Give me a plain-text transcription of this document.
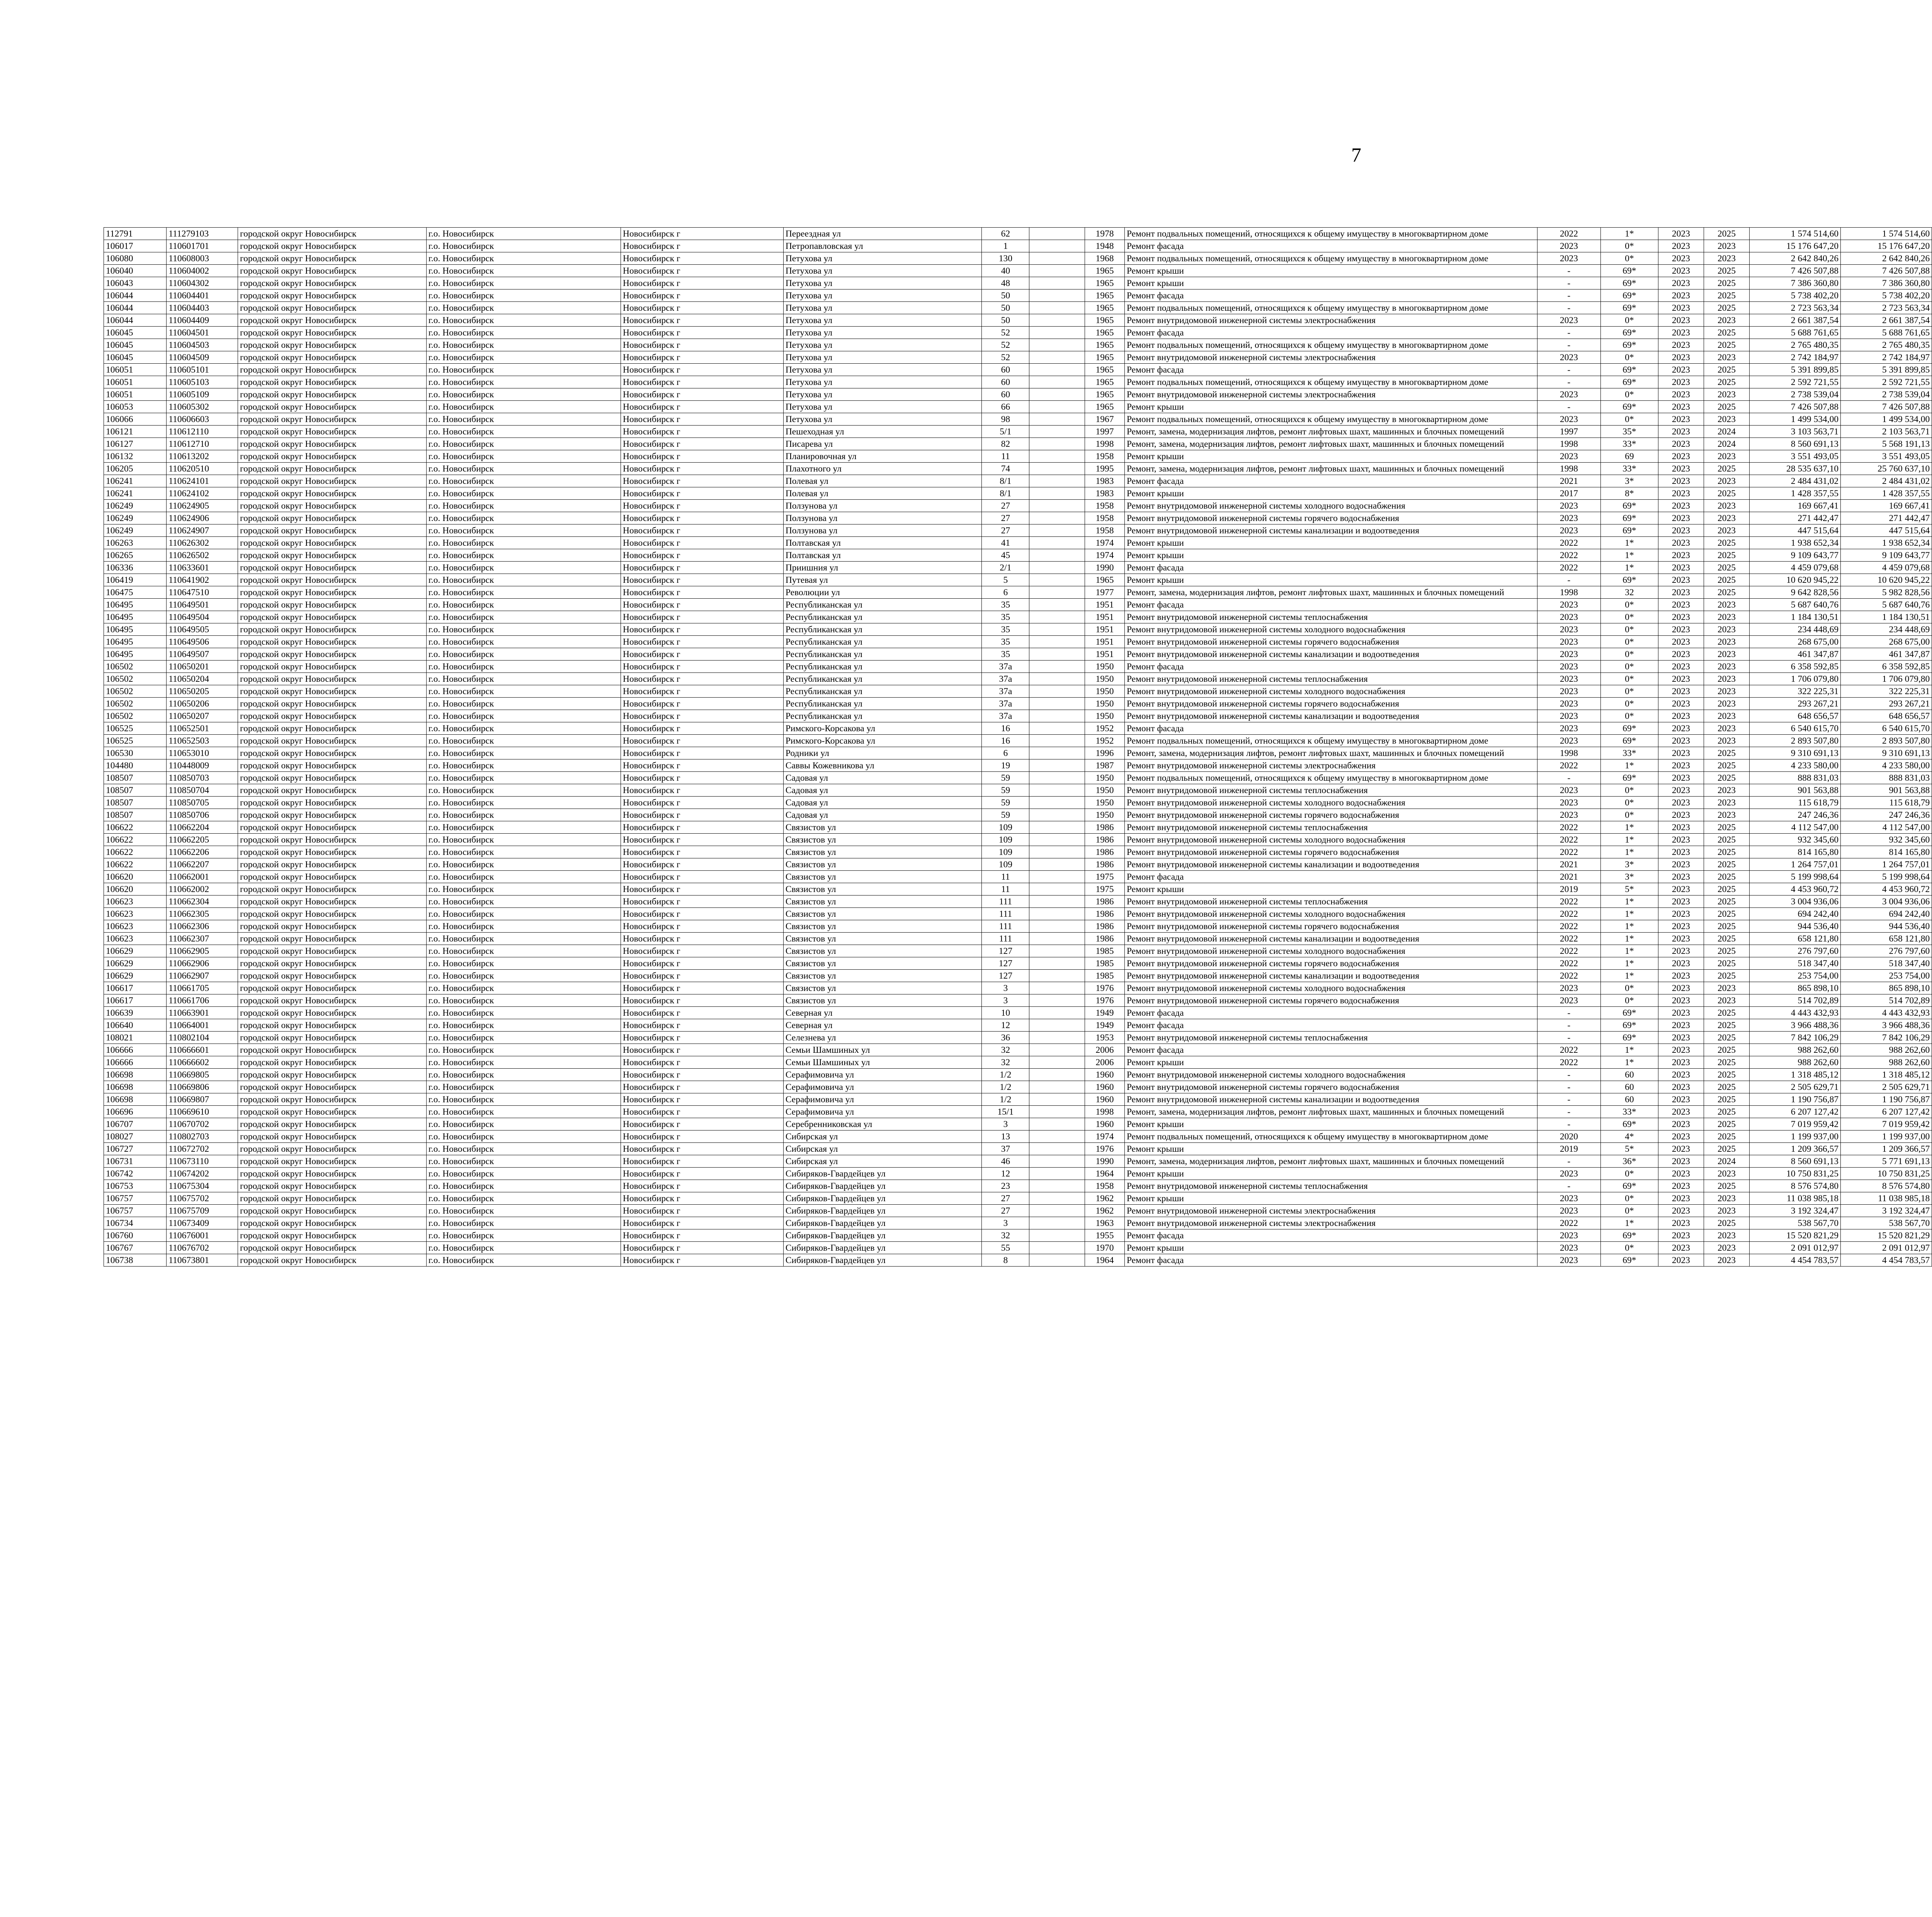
7
112791	111279103	городской округ Новосибирск	г.о. Новосибирск	Новосибирск г	Переездная ул	62		1978	Ремонт подвальных помещений, относящихся к общему имуществу в многоквартирном доме	2022	1*	2023	2025	1 574 514,60	1 574 514,60							
106017	110601701	городской округ Новосибирск	г.о. Новосибирск	Новосибирск г	Петропавловская ул	1		1948	Ремонт фасада	2023	0*	2023	2023	15 176 647,20	15 176 647,20							
106080	110608003	городской округ Новосибирск	г.о. Новосибирск	Новосибирск г	Петухова ул	130		1968	Ремонт подвальных помещений, относящихся к общему имуществу в многоквартирном доме	2023	0*	2023	2023	2 642 840,26	2 642 840,26							
106040	110604002	городской округ Новосибирск	г.о. Новосибирск	Новосибирск г	Петухова ул	40		1965	Ремонт крыши	-	69*	2023	2025	7 426 507,88	7 426 507,88							
106043	110604302	городской округ Новосибирск	г.о. Новосибирск	Новосибирск г	Петухова ул	48		1965	Ремонт крыши	-	69*	2023	2025	7 386 360,80	7 386 360,80							
106044	110604401	городской округ Новосибирск	г.о. Новосибирск	Новосибирск г	Петухова ул	50		1965	Ремонт фасада	-	69*	2023	2025	5 738 402,20	5 738 402,20							
106044	110604403	городской округ Новосибирск	г.о. Новосибирск	Новосибирск г	Петухова ул	50		1965	Ремонт подвальных помещений, относящихся к общему имуществу в многоквартирном доме	-	69*	2023	2025	2 723 563,34	2 723 563,34							
106044	110604409	городской округ Новосибирск	г.о. Новосибирск	Новосибирск г	Петухова ул	50		1965	Ремонт внутридомовой инженерной системы электроснабжения	2023	0*	2023	2023	2 661 387,54	2 661 387,54							
106045	110604501	городской округ Новосибирск	г.о. Новосибирск	Новосибирск г	Петухова ул	52		1965	Ремонт фасада	-	69*	2023	2025	5 688 761,65	5 688 761,65							
106045	110604503	городской округ Новосибирск	г.о. Новосибирск	Новосибирск г	Петухова ул	52		1965	Ремонт подвальных помещений, относящихся к общему имуществу в многоквартирном доме	-	69*	2023	2025	2 765 480,35	2 765 480,35							
106045	110604509	городской округ Новосибирск	г.о. Новосибирск	Новосибирск г	Петухова ул	52		1965	Ремонт внутридомовой инженерной системы электроснабжения	2023	0*	2023	2023	2 742 184,97	2 742 184,97							
106051	110605101	городской округ Новосибирск	г.о. Новосибирск	Новосибирск г	Петухова ул	60		1965	Ремонт фасада	-	69*	2023	2025	5 391 899,85	5 391 899,85							
106051	110605103	городской округ Новосибирск	г.о. Новосибирск	Новосибирск г	Петухова ул	60		1965	Ремонт подвальных помещений, относящихся к общему имуществу в многоквартирном доме	-	69*	2023	2025	2 592 721,55	2 592 721,55							
106051	110605109	городской округ Новосибирск	г.о. Новосибирск	Новосибирск г	Петухова ул	60		1965	Ремонт внутридомовой инженерной системы электроснабжения	2023	0*	2023	2023	2 738 539,04	2 738 539,04							
106053	110605302	городской округ Новосибирск	г.о. Новосибирск	Новосибирск г	Петухова ул	66		1965	Ремонт крыши	-	69*	2023	2025	7 426 507,88	7 426 507,88							
106066	110606603	городской округ Новосибирск	г.о. Новосибирск	Новосибирск г	Петухова ул	98		1967	Ремонт подвальных помещений, относящихся к общему имуществу в многоквартирном доме	2023	0*	2023	2023	1 499 534,00	1 499 534,00							
106121	110612110	городской округ Новосибирск	г.о. Новосибирск	Новосибирск г	Пешеходная ул	5/1		1997	Ремонт, замена, модернизация лифтов, ремонт лифтовых шахт, машинных и блочных помещений	1997	35*	2023	2024	3 103 563,71	2 103 563,71							
106127	110612710	городской округ Новосибирск	г.о. Новосибирск	Новосибирск г	Писарева ул	82		1998	Ремонт, замена, модернизация лифтов, ремонт лифтовых шахт, машинных и блочных помещений	1998	33*	2023	2024	8 560 691,13	5 568 191,13							
106132	110613202	городской округ Новосибирск	г.о. Новосибирск	Новосибирск г	Планировочная ул	11		1958	Ремонт крыши	2023	69	2023	2023	3 551 493,05	3 551 493,05							
106205	110620510	городской округ Новосибирск	г.о. Новосибирск	Новосибирск г	Плахотного ул	74		1995	Ремонт, замена, модернизация лифтов, ремонт лифтовых шахт, машинных и блочных помещений	1998	33*	2023	2025	28 535 637,10	25 760 637,10							
106241	110624101	городской округ Новосибирск	г.о. Новосибирск	Новосибирск г	Полевая ул	8/1		1983	Ремонт фасада	2021	3*	2023	2023	2 484 431,02	2 484 431,02							
106241	110624102	городской округ Новосибирск	г.о. Новосибирск	Новосибирск г	Полевая ул	8/1		1983	Ремонт крыши	2017	8*	2023	2025	1 428 357,55	1 428 357,55							
106249	110624905	городской округ Новосибирск	г.о. Новосибирск	Новосибирск г	Ползунова ул	27		1958	Ремонт внутридомовой инженерной системы холодного водоснабжения	2023	69*	2023	2023	169 667,41	169 667,41							
106249	110624906	городской округ Новосибирск	г.о. Новосибирск	Новосибирск г	Ползунова ул	27		1958	Ремонт внутридомовой инженерной системы горячего водоснабжения	2023	69*	2023	2023	271 442,47	271 442,47							
106249	110624907	городской округ Новосибирск	г.о. Новосибирск	Новосибирск г	Ползунова ул	27		1958	Ремонт внутридомовой инженерной системы канализации и водоотведения	2023	69*	2023	2023	447 515,64	447 515,64							
106263	110626302	городской округ Новосибирск	г.о. Новосибирск	Новосибирск г	Полтавская ул	41		1974	Ремонт крыши	2022	1*	2023	2025	1 938 652,34	1 938 652,34							
106265	110626502	городской округ Новосибирск	г.о. Новосибирск	Новосибирск г	Полтавская ул	45		1974	Ремонт крыши	2022	1*	2023	2025	9 109 643,77	9 109 643,77							
106336	110633601	городской округ Новосибирск	г.о. Новосибирск	Новосибирск г	Приишния ул	2/1		1990	Ремонт фасада	2022	1*	2023	2025	4 459 079,68	4 459 079,68							
106419	110641902	городской округ Новосибирск	г.о. Новосибирск	Новосибирск г	Путевая ул	5		1965	Ремонт крыши	-	69*	2023	2025	10 620 945,22	10 620 945,22							
106475	110647510	городской округ Новосибирск	г.о. Новосибирск	Новосибирск г	Революции ул	6		1977	Ремонт, замена, модернизация лифтов, ремонт лифтовых шахт, машинных и блочных помещений	1998	32	2023	2025	9 642 828,56	5 982 828,56							
106495	110649501	городской округ Новосибирск	г.о. Новосибирск	Новосибирск г	Республиканская ул	35		1951	Ремонт фасада	2023	0*	2023	2023	5 687 640,76	5 687 640,76							
106495	110649504	городской округ Новосибирск	г.о. Новосибирск	Новосибирск г	Республиканская ул	35		1951	Ремонт внутридомовой инженерной системы теплоснабжения	2023	0*	2023	2023	1 184 130,51	1 184 130,51							
106495	110649505	городской округ Новосибирск	г.о. Новосибирск	Новосибирск г	Республиканская ул	35		1951	Ремонт внутридомовой инженерной системы холодного водоснабжения	2023	0*	2023	2023	234 448,69	234 448,69							
106495	110649506	городской округ Новосибирск	г.о. Новосибирск	Новосибирск г	Республиканская ул	35		1951	Ремонт внутридомовой инженерной системы горячего водоснабжения	2023	0*	2023	2023	268 675,00	268 675,00							
106495	110649507	городской округ Новосибирск	г.о. Новосибирск	Новосибирск г	Республиканская ул	35		1951	Ремонт внутридомовой инженерной системы канализации и водоотведения	2023	0*	2023	2023	461 347,87	461 347,87							
106502	110650201	городской округ Новосибирск	г.о. Новосибирск	Новосибирск г	Республиканская ул	37а		1950	Ремонт фасада	2023	0*	2023	2023	6 358 592,85	6 358 592,85							
106502	110650204	городской округ Новосибирск	г.о. Новосибирск	Новосибирск г	Республиканская ул	37а		1950	Ремонт внутридомовой инженерной системы теплоснабжения	2023	0*	2023	2023	1 706 079,80	1 706 079,80							
106502	110650205	городской округ Новосибирск	г.о. Новосибирск	Новосибирск г	Республиканская ул	37а		1950	Ремонт внутридомовой инженерной системы холодного водоснабжения	2023	0*	2023	2023	322 225,31	322 225,31							
106502	110650206	городской округ Новосибирск	г.о. Новосибирск	Новосибирск г	Республиканская ул	37а		1950	Ремонт внутридомовой инженерной системы горячего водоснабжения	2023	0*	2023	2023	293 267,21	293 267,21							
106502	110650207	городской округ Новосибирск	г.о. Новосибирск	Новосибирск г	Республиканская ул	37а		1950	Ремонт внутридомовой инженерной системы канализации и водоотведения	2023	0*	2023	2023	648 656,57	648 656,57							
106525	110652501	городской округ Новосибирск	г.о. Новосибирск	Новосибирск г	Римского-Корсакова ул	16		1952	Ремонт фасада	2023	69*	2023	2023	6 540 615,70	6 540 615,70							
106525	110652503	городской округ Новосибирск	г.о. Новосибирск	Новосибирск г	Римского-Корсакова ул	16		1952	Ремонт подвальных помещений, относящихся к общему имуществу в многоквартирном доме	2023	69*	2023	2023	2 893 507,80	2 893 507,80							
106530	110653010	городской округ Новосибирск	г.о. Новосибирск	Новосибирск г	Родники ул	6		1996	Ремонт, замена, модернизация лифтов, ремонт лифтовых шахт, машинных и блочных помещений	1998	33*	2023	2025	9 310 691,13	9 310 691,13							
104480	110448009	городской округ Новосибирск	г.о. Новосибирск	Новосибирск г	Саввы Кожевникова ул	19		1987	Ремонт внутридомовой инженерной системы электроснабжения	2022	1*	2023	2025	4 233 580,00	4 233 580,00							
108507	110850703	городской округ Новосибирск	г.о. Новосибирск	Новосибирск г	Садовая ул	59		1950	Ремонт подвальных помещений, относящихся к общему имуществу в многоквартирном доме	-	69*	2023	2025	888 831,03	888 831,03							
108507	110850704	городской округ Новосибирск	г.о. Новосибирск	Новосибирск г	Садовая ул	59		1950	Ремонт внутридомовой инженерной системы теплоснабжения	2023	0*	2023	2023	901 563,88	901 563,88							
108507	110850705	городской округ Новосибирск	г.о. Новосибирск	Новосибирск г	Садовая ул	59		1950	Ремонт внутридомовой инженерной системы холодного водоснабжения	2023	0*	2023	2023	115 618,79	115 618,79							
108507	110850706	городской округ Новосибирск	г.о. Новосибирск	Новосибирск г	Садовая ул	59		1950	Ремонт внутридомовой инженерной системы горячего водоснабжения	2023	0*	2023	2023	247 246,36	247 246,36							
106622	110662204	городской округ Новосибирск	г.о. Новосибирск	Новосибирск г	Связистов ул	109		1986	Ремонт внутридомовой инженерной системы теплоснабжения	2022	1*	2023	2025	4 112 547,00	4 112 547,00							
106622	110662205	городской округ Новосибирск	г.о. Новосибирск	Новосибирск г	Связистов ул	109		1986	Ремонт внутридомовой инженерной системы холодного водоснабжения	2022	1*	2023	2025	932 345,60	932 345,60							
106622	110662206	городской округ Новосибирск	г.о. Новосибирск	Новосибирск г	Связистов ул	109		1986	Ремонт внутридомовой инженерной системы горячего водоснабжения	2022	1*	2023	2025	814 165,80	814 165,80							
106622	110662207	городской округ Новосибирск	г.о. Новосибирск	Новосибирск г	Связистов ул	109		1986	Ремонт внутридомовой инженерной системы канализации и водоотведения	2021	3*	2023	2025	1 264 757,01	1 264 757,01							
106620	110662001	городской округ Новосибирск	г.о. Новосибирск	Новосибирск г	Связистов ул	11		1975	Ремонт фасада	2021	3*	2023	2025	5 199 998,64	5 199 998,64							
106620	110662002	городской округ Новосибирск	г.о. Новосибирск	Новосибирск г	Связистов ул	11		1975	Ремонт крыши	2019	5*	2023	2025	4 453 960,72	4 453 960,72							
106623	110662304	городской округ Новосибирск	г.о. Новосибирск	Новосибирск г	Связистов ул	111		1986	Ремонт внутридомовой инженерной системы теплоснабжения	2022	1*	2023	2025	3 004 936,06	3 004 936,06							
106623	110662305	городской округ Новосибирск	г.о. Новосибирск	Новосибирск г	Связистов ул	111		1986	Ремонт внутридомовой инженерной системы холодного водоснабжения	2022	1*	2023	2025	694 242,40	694 242,40							
106623	110662306	городской округ Новосибирск	г.о. Новосибирск	Новосибирск г	Связистов ул	111		1986	Ремонт внутридомовой инженерной системы горячего водоснабжения	2022	1*	2023	2025	944 536,40	944 536,40							
106623	110662307	городской округ Новосибирск	г.о. Новосибирск	Новосибирск г	Связистов ул	111		1986	Ремонт внутридомовой инженерной системы канализации и водоотведения	2022	1*	2023	2025	658 121,80	658 121,80							
106629	110662905	городской округ Новосибирск	г.о. Новосибирск	Новосибирск г	Связистов ул	127		1985	Ремонт внутридомовой инженерной системы холодного водоснабжения	2022	1*	2023	2025	276 797,60	276 797,60							
106629	110662906	городской округ Новосибирск	г.о. Новосибирск	Новосибирск г	Связистов ул	127		1985	Ремонт внутридомовой инженерной системы горячего водоснабжения	2022	1*	2023	2025	518 347,40	518 347,40							
106629	110662907	городской округ Новосибирск	г.о. Новосибирск	Новосибирск г	Связистов ул	127		1985	Ремонт внутридомовой инженерной системы канализации и водоотведения	2022	1*	2023	2025	253 754,00	253 754,00							
106617	110661705	городской округ Новосибирск	г.о. Новосибирск	Новосибирск г	Связистов ул	3		1976	Ремонт внутридомовой инженерной системы холодного водоснабжения	2023	0*	2023	2023	865 898,10	865 898,10							
106617	110661706	городской округ Новосибирск	г.о. Новосибирск	Новосибирск г	Связистов ул	3		1976	Ремонт внутридомовой инженерной системы горячего водоснабжения	2023	0*	2023	2023	514 702,89	514 702,89							
106639	110663901	городской округ Новосибирск	г.о. Новосибирск	Новосибирск г	Северная ул	10		1949	Ремонт фасада	-	69*	2023	2025	4 443 432,93	4 443 432,93							
106640	110664001	городской округ Новосибирск	г.о. Новосибирск	Новосибирск г	Северная ул	12		1949	Ремонт фасада	-	69*	2023	2025	3 966 488,36	3 966 488,36							
108021	110802104	городской округ Новосибирск	г.о. Новосибирск	Новосибирск г	Селезнева ул	36		1953	Ремонт внутридомовой инженерной системы теплоснабжения	-	69*	2023	2025	7 842 106,29	7 842 106,29							
106666	110666601	городской округ Новосибирск	г.о. Новосибирск	Новосибирск г	Семьи Шамшиных ул	32		2006	Ремонт фасада	2022	1*	2023	2025	988 262,60	988 262,60							
106666	110666602	городской округ Новосибирск	г.о. Новосибирск	Новосибирск г	Семьи Шамшиных ул	32		2006	Ремонт крыши	2022	1*	2023	2025	988 262,60	988 262,60							
106698	110669805	городской округ Новосибирск	г.о. Новосибирск	Новосибирск г	Серафимовича ул	1/2		1960	Ремонт внутридомовой инженерной системы холодного водоснабжения	-	60	2023	2025	1 318 485,12	1 318 485,12							
106698	110669806	городской округ Новосибирск	г.о. Новосибирск	Новосибирск г	Серафимовича ул	1/2		1960	Ремонт внутридомовой инженерной системы горячего водоснабжения	-	60	2023	2025	2 505 629,71	2 505 629,71							
106698	110669807	городской округ Новосибирск	г.о. Новосибирск	Новосибирск г	Серафимовича ул	1/2		1960	Ремонт внутридомовой инженерной системы канализации и водоотведения	-	60	2023	2025	1 190 756,87	1 190 756,87							
106696	110669610	городской округ Новосибирск	г.о. Новосибирск	Новосибирск г	Серафимовича ул	15/1		1998	Ремонт, замена, модернизация лифтов, ремонт лифтовых шахт, машинных и блочных помещений	-	33*	2023	2025	6 207 127,42	6 207 127,42							
106707	110670702	городской округ Новосибирск	г.о. Новосибирск	Новосибирск г	Серебренниковская ул	3		1960	Ремонт крыши	-	69*	2023	2025	7 019 959,42	7 019 959,42							
108027	110802703	городской округ Новосибирск	г.о. Новосибирск	Новосибирск г	Сибирская ул	13		1974	Ремонт подвальных помещений, относящихся к общему имуществу в многоквартирном доме	2020	4*	2023	2025	1 199 937,00	1 199 937,00							
106727	110672702	городской округ Новосибирск	г.о. Новосибирск	Новосибирск г	Сибирская ул	37		1976	Ремонт крыши	2019	5*	2023	2025	1 209 366,57	1 209 366,57							
106731	110673110	городской округ Новосибирск	г.о. Новосибирск	Новосибирск г	Сибирская ул	46		1990	Ремонт, замена, модернизация лифтов, ремонт лифтовых шахт, машинных и блочных помещений	-	36*	2023	2024	8 560 691,13	5 771 691,13							
106742	110674202	городской округ Новосибирск	г.о. Новосибирск	Новосибирск г	Сибиряков-Гвардейцев ул	12		1964	Ремонт крыши	2023	0*	2023	2023	10 750 831,25	10 750 831,25							
106753	110675304	городской округ Новосибирск	г.о. Новосибирск	Новосибирск г	Сибиряков-Гвардейцев ул	23		1958	Ремонт внутридомовой инженерной системы теплоснабжения	-	69*	2023	2025	8 576 574,80	8 576 574,80							
106757	110675702	городской округ Новосибирск	г.о. Новосибирск	Новосибирск г	Сибиряков-Гвардейцев ул	27		1962	Ремонт крыши	2023	0*	2023	2023	11 038 985,18	11 038 985,18							
106757	110675709	городской округ Новосибирск	г.о. Новосибирск	Новосибирск г	Сибиряков-Гвардейцев ул	27		1962	Ремонт внутридомовой инженерной системы электроснабжения	2023	0*	2023	2023	3 192 324,47	3 192 324,47							
106734	110673409	городской округ Новосибирск	г.о. Новосибирск	Новосибирск г	Сибиряков-Гвардейцев ул	3		1963	Ремонт внутридомовой инженерной системы электроснабжения	2022	1*	2023	2025	538 567,70	538 567,70							
106760	110676001	городской округ Новосибирск	г.о. Новосибирск	Новосибирск г	Сибиряков-Гвардейцев ул	32		1955	Ремонт фасада	2023	69*	2023	2023	15 520 821,29	15 520 821,29							
106767	110676702	городской округ Новосибирск	г.о. Новосибирск	Новосибирск г	Сибиряков-Гвардейцев ул	55		1970	Ремонт крыши	2023	0*	2023	2023	2 091 012,97	2 091 012,97							
106738	110673801	городской округ Новосибирск	г.о. Новосибирск	Новосибирск г	Сибиряков-Гвардейцев ул	8		1964	Ремонт фасада	2023	69*	2023	2023	4 454 783,57	4 454 783,57							
